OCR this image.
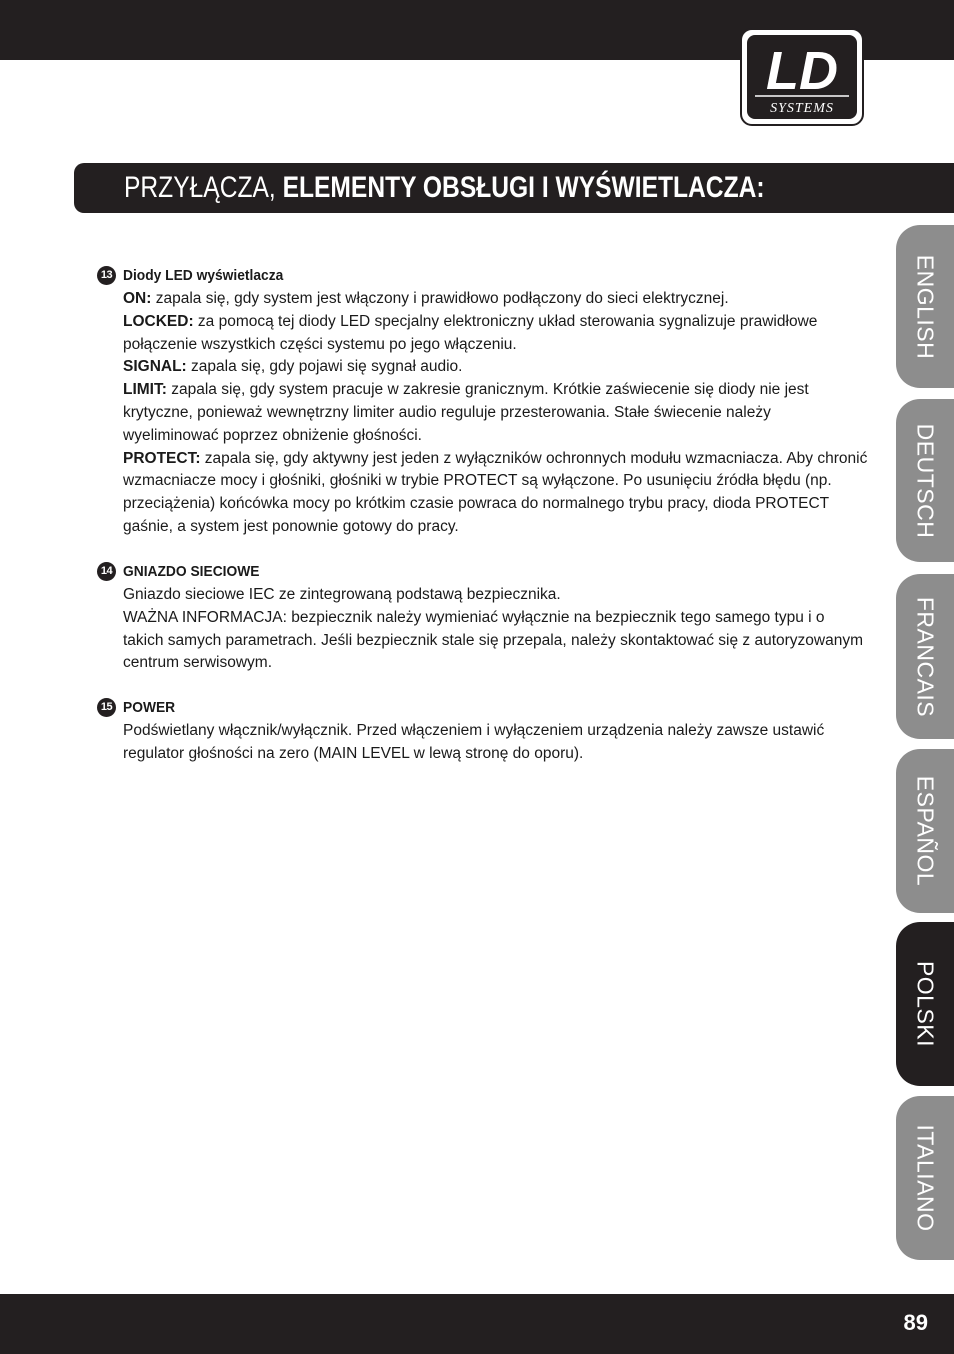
LD
SYSTEMS
PRZYŁĄCZA, ELEMENTY OBSŁUGI I WYŚWIETLACZA:
ENGLISH
DEUTSCH
FRANCAIS
ESPAÑOL
POLSKI
ITALIANO
13 Diody LED wyświetlacza

ON: zapala się, gdy system jest włączony i prawidłowo podłączony do sieci elektrycznej.

LOCKED: za pomocą tej diody LED specjalny elektroniczny układ sterowania sygnalizuje prawidłowe połączenie wszystkich części systemu po jego włączeniu.

SIGNAL: zapala się, gdy pojawi się sygnał audio.

LIMIT: zapala się, gdy system pracuje w zakresie granicznym. Krótkie zaświecenie się diody nie jest krytyczne, ponieważ wewnętrzny limiter audio reguluje przesterowania. Stałe świecenie należy wyeliminować poprzez obniżenie głośności.

PROTECT: zapala się, gdy aktywny jest jeden z wyłączników ochronnych modułu wzmacniacza. Aby chronić wzmacniacze mocy i głośniki, głośniki w trybie PROTECT są wyłączone. Po usunięciu źródła błędu (np. przeciążenia) końcówka mocy po krótkim czasie powraca do normalnego trybu pracy, dioda PROTECT gaśnie, a system jest ponownie gotowy do pracy.

14 GNIAZDO SIECIOWE

Gniazdo sieciowe IEC ze zintegrowaną podstawą bezpiecznika.

WAŻNA INFORMACJA: bezpiecznik należy wymieniać wyłącznie na bezpiecznik tego samego typu i o takich samych parametrach. Jeśli bezpiecznik stale się przepala, należy skontaktować się z autoryzowanym centrum serwisowym.

15 POWER

Podświetlany włącznik/wyłącznik. Przed włączeniem i wyłączeniem urządzenia należy zawsze ustawić regulator głośności na zero (MAIN LEVEL w lewą stronę do oporu).

89
